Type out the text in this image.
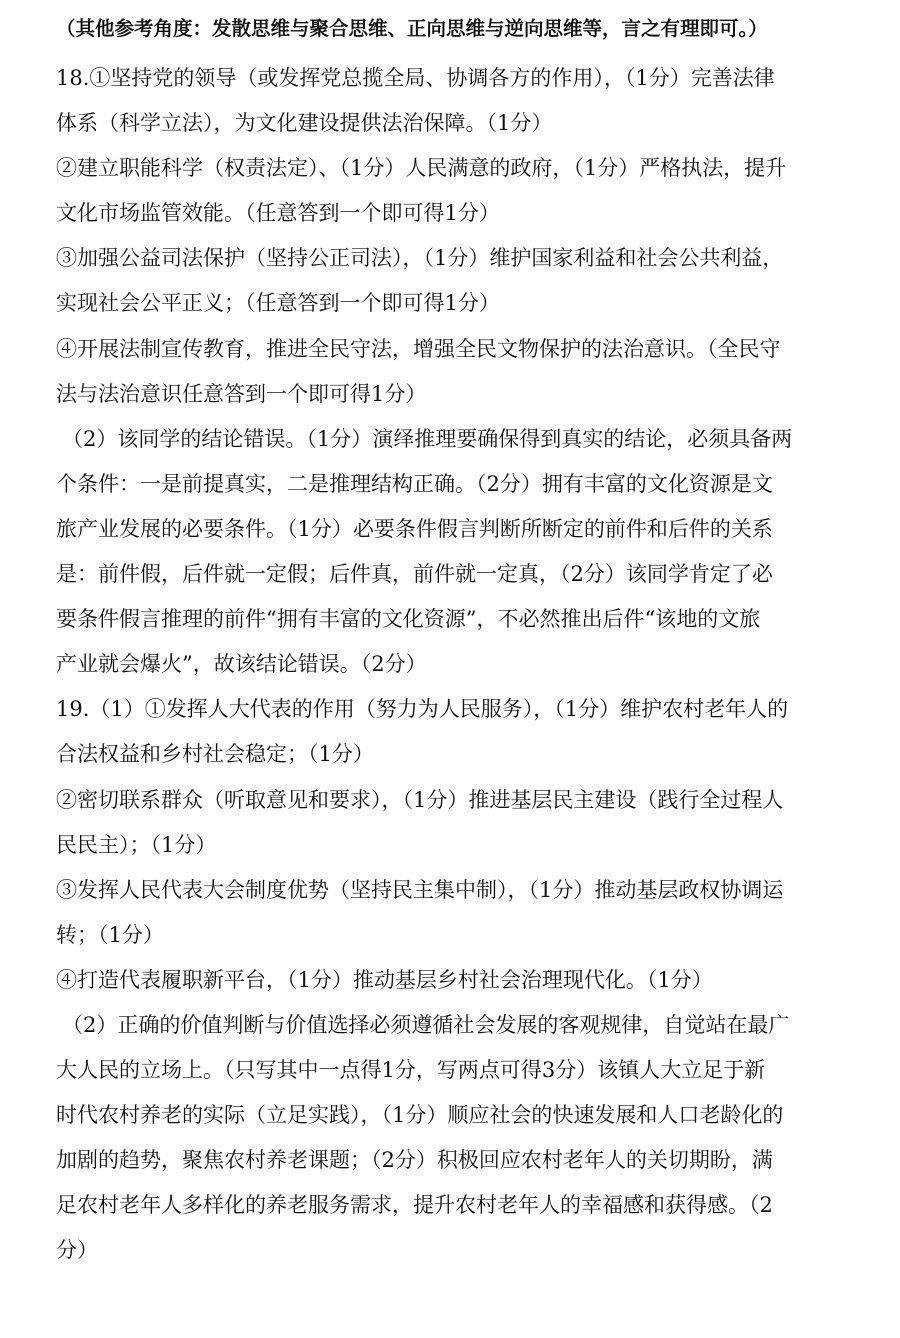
（其他参考角度：发散思维与聚合思维、正向思维与逆向思维等，言之有理即可。）
18.①坚持党的领导（或发挥党总揽全局、协调各方的作用），（1分）完善法律
体系（科学立法），为文化建设提供法治保障。（1分）
②建立职能科学（权责法定）、（1分）人民满意的政府，（1分）严格执法，提升
文化市场监管效能。（任意答到一个即可得1分）
③加强公益司法保护（坚持公正司法），（1分）维护国家利益和社会公共利益，
实现社会公平正义；（任意答到一个即可得1分）
④开展法制宣传教育，推进全民守法，增强全民文物保护的法治意识。（全民守
法与法治意识任意答到一个即可得1分）
（2）该同学的结论错误。（1分）演绎推理要确保得到真实的结论，必须具备两
个条件：一是前提真实，二是推理结构正确。（2分）拥有丰富的文化资源是文
旅产业发展的必要条件。（1分）必要条件假言判断所断定的前件和后件的关系
是：前件假，后件就一定假；后件真，前件就一定真，（2分）该同学肯定了必
要条件假言推理的前件“拥有丰富的文化资源”，不必然推出后件“该地的文旅
产业就会爆火”，故该结论错误。（2分）
19.（1）①发挥人大代表的作用（努力为人民服务），（1分）维护农村老年人的
合法权益和乡村社会稳定；（1分）
②密切联系群众（听取意见和要求），（1分）推进基层民主建设（践行全过程人
民民主）；（1分）
③发挥人民代表大会制度优势（坚持民主集中制），（1分）推动基层政权协调运
转；（1分）
④打造代表履职新平台，（1分）推动基层乡村社会治理现代化。（1分）
（2）正确的价值判断与价值选择必须遵循社会发展的客观规律，自觉站在最广
大人民的立场上。（只写其中一点得1分，写两点可得3分）该镇人大立足于新
时代农村养老的实际（立足实践），（1分）顺应社会的快速发展和人口老龄化的
加剧的趋势，聚焦农村养老课题；（2分）积极回应农村老年人的关切期盼，满
足农村老年人多样化的养老服务需求，提升农村老年人的幸福感和获得感。（2
分）
